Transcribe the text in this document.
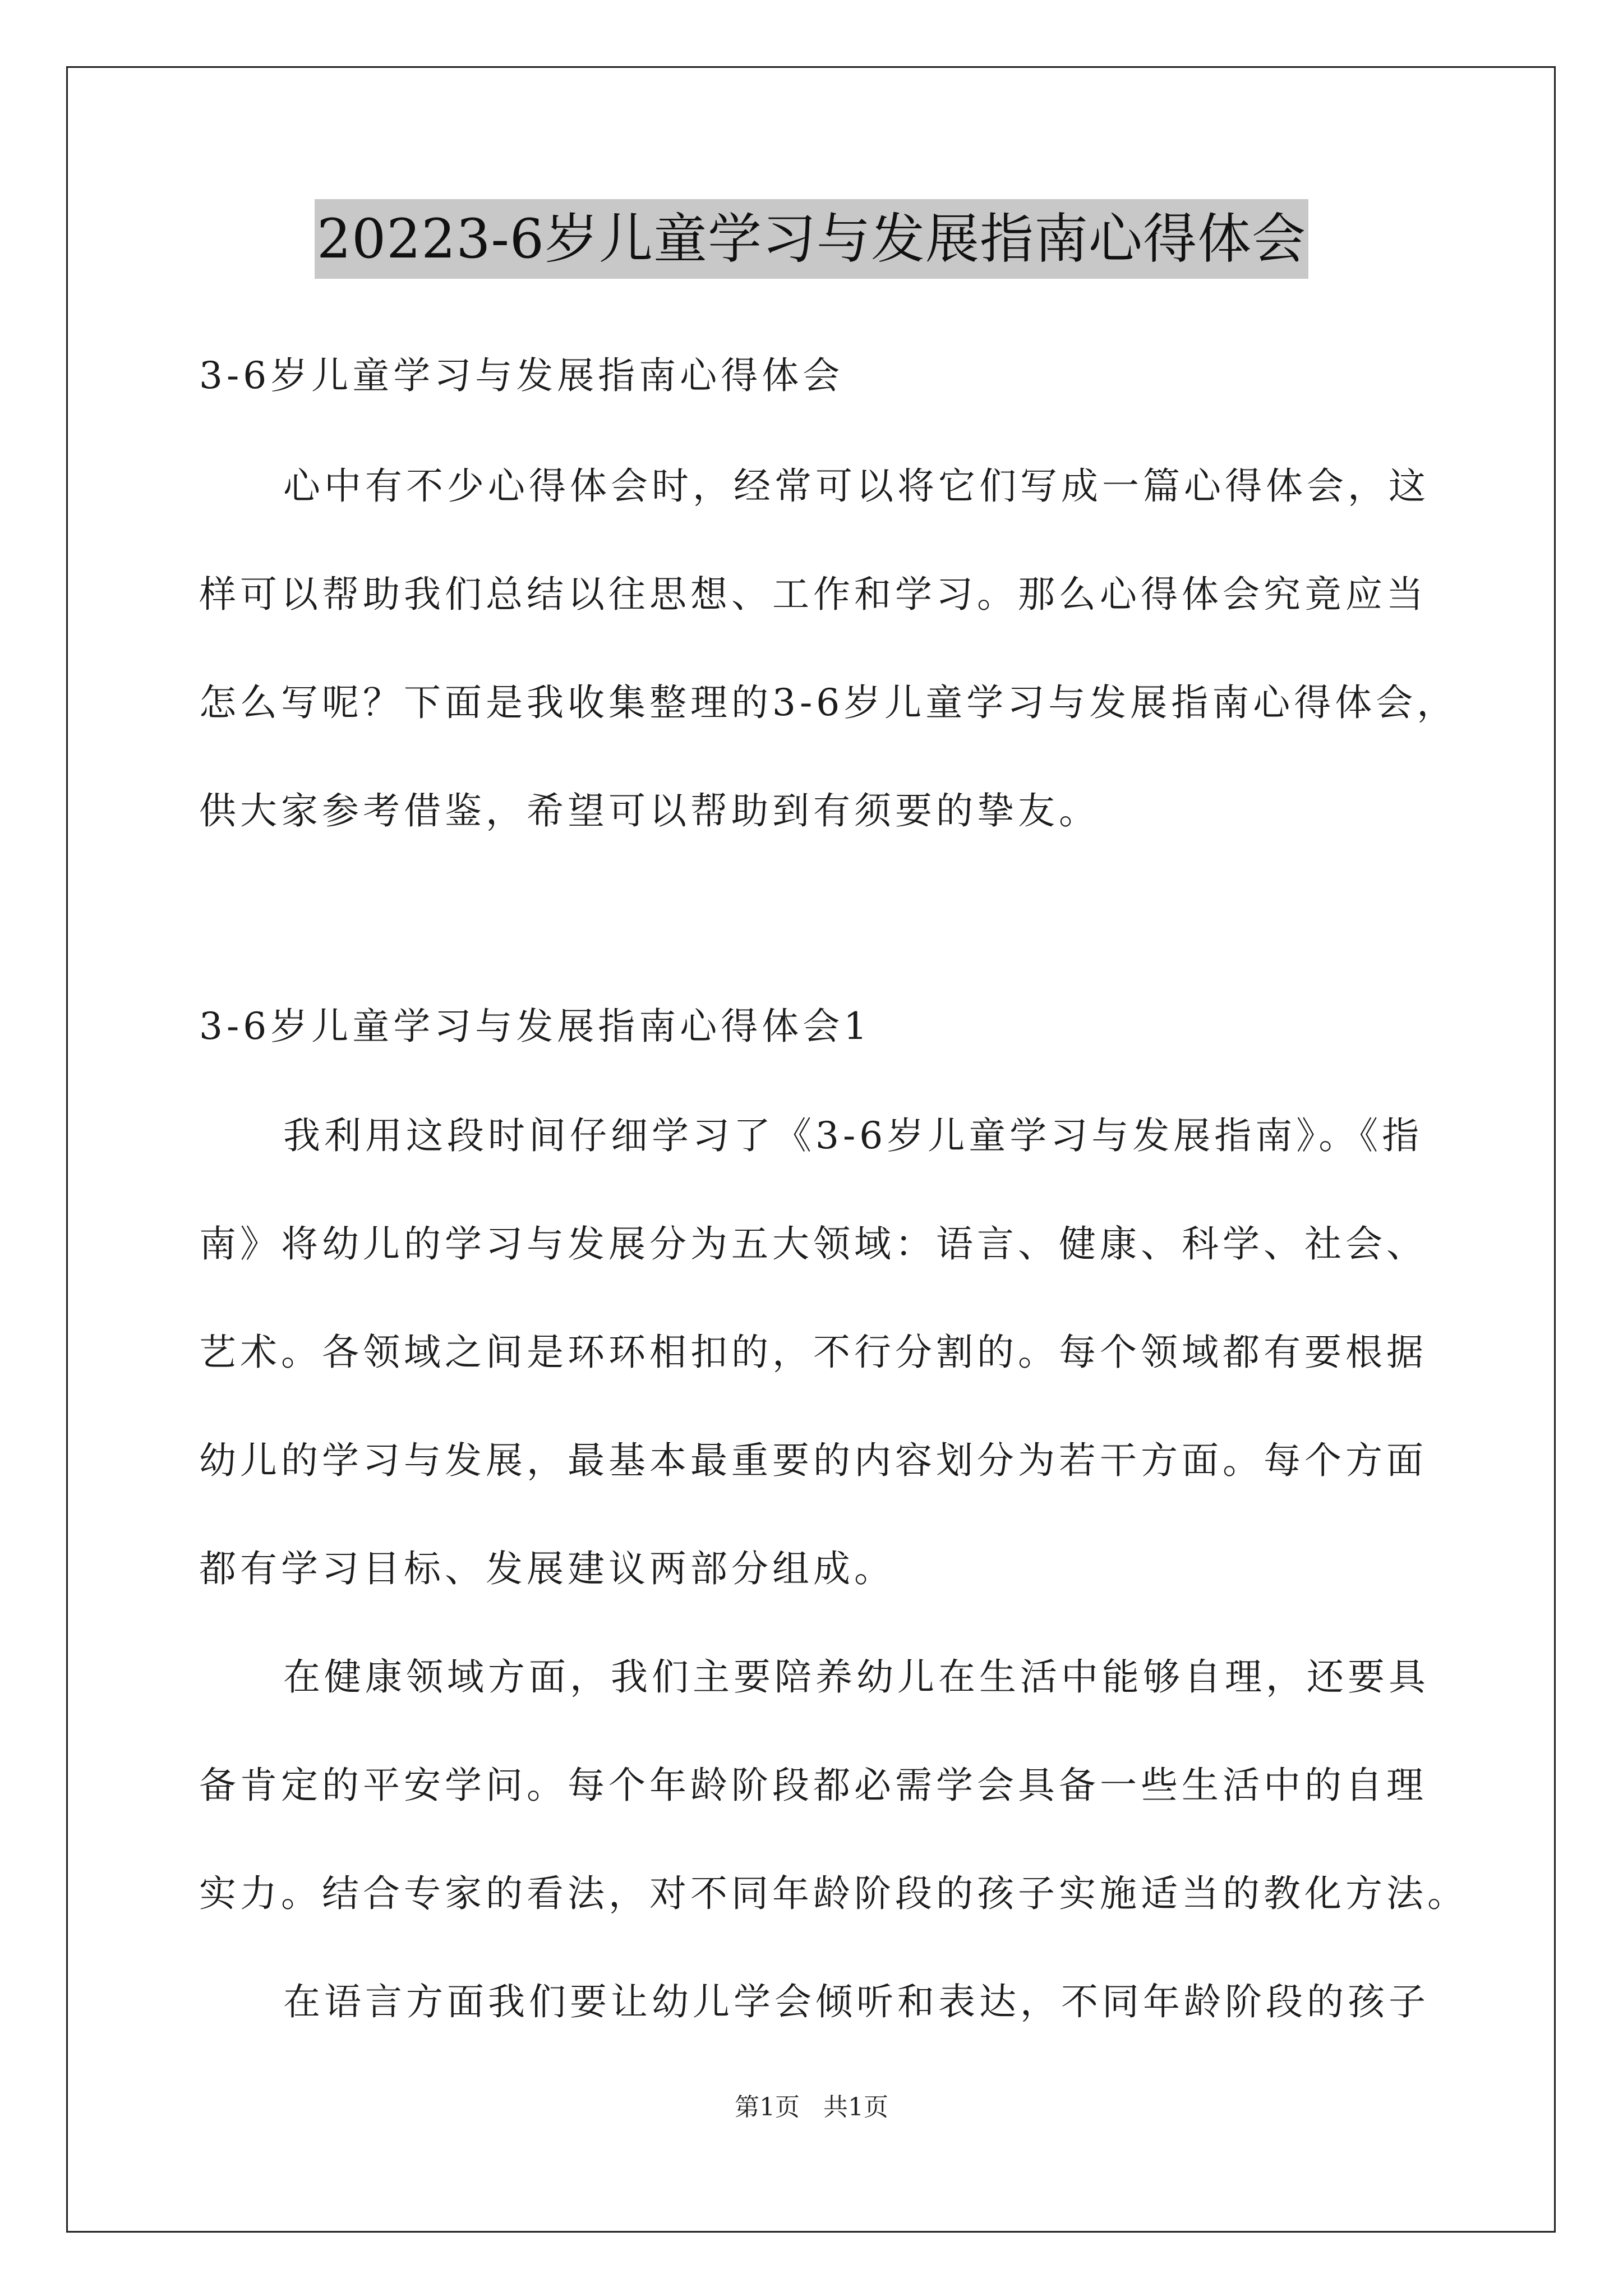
20223-6岁儿童学习与发展指南心得体会
3-6岁儿童学习与发展指南心得体会
心中有不少心得体会时，经常可以将它们写成一篇心得体会，这
样可以帮助我们总结以往思想、工作和学习。那么心得体会究竟应当
怎么写呢？下面是我收集整理的3-6岁儿童学习与发展指南心得体会，
供大家参考借鉴，希望可以帮助到有须要的挚友。
3-6岁儿童学习与发展指南心得体会1
我利用这段时间仔细学习了《3-6岁儿童学习与发展指南》。《指
南》将幼儿的学习与发展分为五大领域：语言、健康、科学、社会、
艺术。各领域之间是环环相扣的，不行分割的。每个领域都有要根据
幼儿的学习与发展，最基本最重要的内容划分为若干方面。每个方面
都有学习目标、发展建议两部分组成。
在健康领域方面，我们主要陪养幼儿在生活中能够自理，还要具
备肯定的平安学问。每个年龄阶段都必需学会具备一些生活中的自理
实力。结合专家的看法，对不同年龄阶段的孩子实施适当的教化方法。
在语言方面我们要让幼儿学会倾听和表达，不同年龄阶段的孩子
第1页 共1页
